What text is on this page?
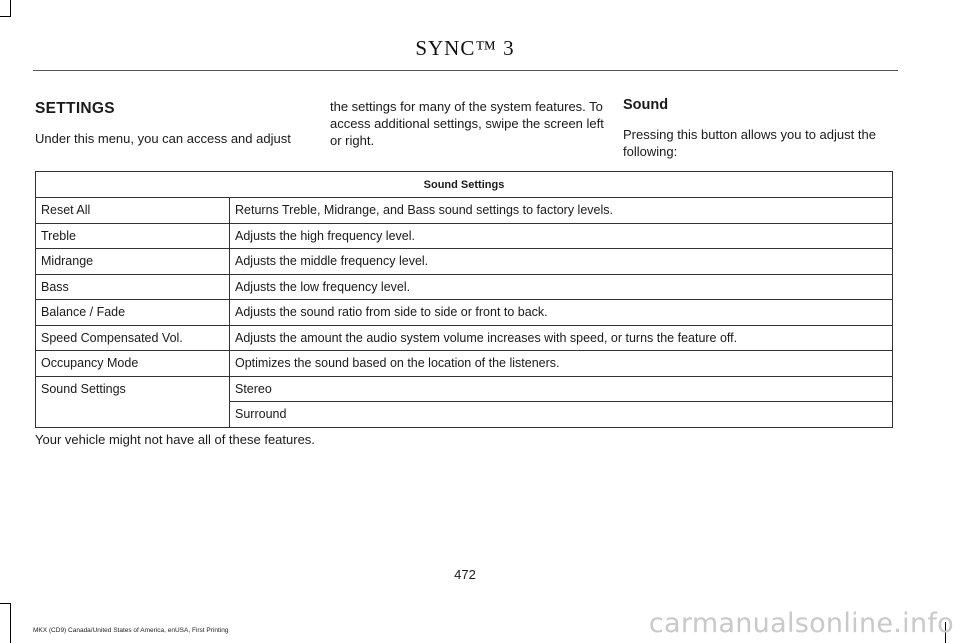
SYNC™ 3
SETTINGS

Under this menu, you can access and adjust

the settings for many of the system features. To access additional settings, swipe the screen left or right.

Sound

Pressing this button allows you to adjust the following:

Sound Settings	
Reset All	Returns Treble, Midrange, and Bass sound settings to factory levels.
Treble	Adjusts the high frequency level.
Midrange	Adjusts the middle frequency level.
Bass	Adjusts the low frequency level.
Balance / Fade	Adjusts the sound ratio from side to side or front to back.
Speed Compensated Vol.	Adjusts the amount the audio system volume increases with speed, or turns the feature off.
Occupancy Mode	Optimizes the sound based on the location of the listeners.
Sound Settings	Stereo
	Surround
Your vehicle might not have all of these features.
472
MKX (CD9) Canada/United States of America, enUSA, First Printing	carmanualsonline.info
